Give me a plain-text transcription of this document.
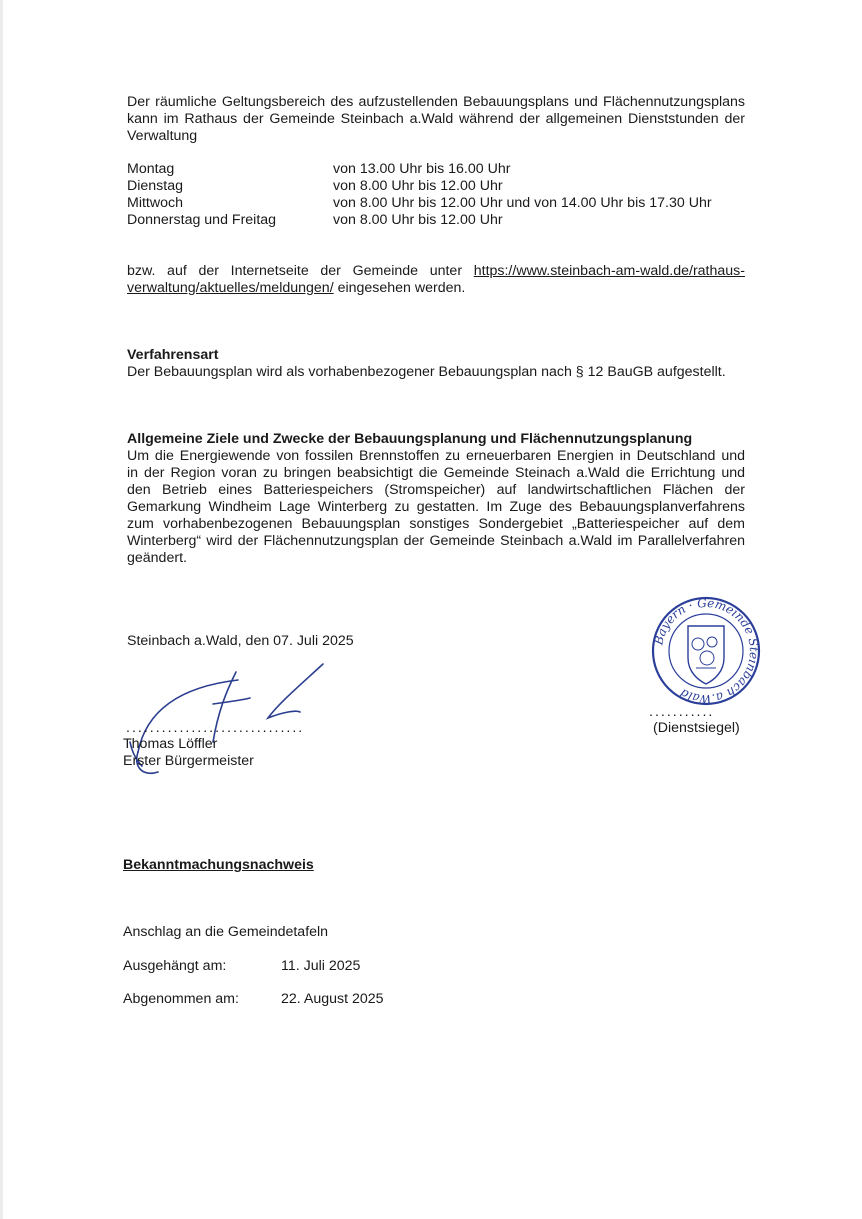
Der räumliche Geltungsbereich des aufzustellenden Bebauungsplans und Flächennutzungsplans
kann im Rathaus der Gemeinde Steinbach a.Wald während der allgemeinen Dienststunden der
Verwaltung
Montag	von 13.00 Uhr bis 16.00 Uhr
Dienstag	von 8.00 Uhr bis 12.00 Uhr
Mittwoch	von 8.00 Uhr bis 12.00 Uhr und von 14.00 Uhr bis 17.30 Uhr
Donnerstag und Freitag	von 8.00 Uhr bis 12.00 Uhr
bzw. auf der Internetseite der Gemeinde unter https://www.steinbach-am-wald.de/rathaus-
verwaltung/aktuelles/meldungen/ eingesehen werden.
Verfahrensart
Der Bebauungsplan wird als vorhabenbezogener Bebauungsplan nach § 12 BauGB aufgestellt.
Allgemeine Ziele und Zwecke der Bebauungsplanung und Flächennutzungsplanung
Um die Energiewende von fossilen Brennstoffen zu erneuerbaren Energien in Deutschland und
in der Region voran zu bringen beabsichtigt die Gemeinde Steinach a.Wald die Errichtung und
den Betrieb eines Batteriespeichers (Stromspeicher) auf landwirtschaftlichen Flächen der
Gemarkung Windheim Lage Winterberg zu gestatten. Im Zuge des Bebauungsplanverfahrens
zum vorhabenbezogenen Bebauungsplan sonstiges Sondergebiet „Batteriespeicher auf dem
Winterberg“ wird der Flächennutzungsplan der Gemeinde Steinbach a.Wald im Parallelverfahren
geändert.
Steinbach a.Wald, den 07. Juli 2025
..............................
Thomas Löffler
Erster Bürgermeister
Bayern · Gemeinde Steinbach a.Wald
...........
(Dienstsiegel)
Bekanntmachungsnachweis
Anschlag an die Gemeindetafeln
Ausgehängt am:	11. Juli 2025
Abgenommen am:	22. August 2025
